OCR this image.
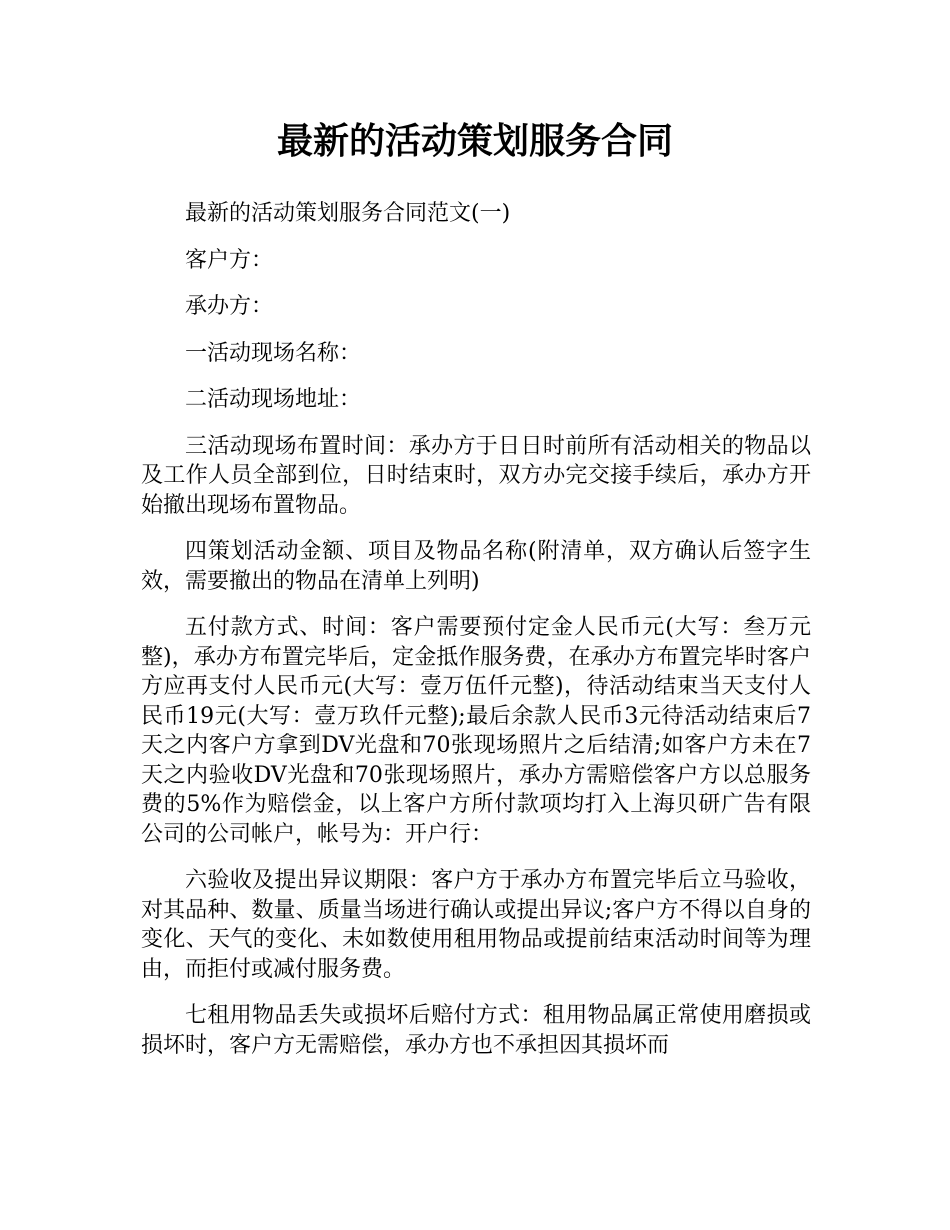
最新的活动策划服务合同

最新的活动策划服务合同范文(一)

客户方：

承办方：

一活动现场名称：

二活动现场地址：

三活动现场布置时间：承办方于日日时前所有活动相关的物品以及工作人员全部到位，日时结束时，双方办完交接手续后，承办方开始撤出现场布置物品。

四策划活动金额、项目及物品名称(附清单，双方确认后签字生效，需要撤出的物品在清单上列明)

五付款方式、时间：客户需要预付定金人民币元(大写：叁万元整)，承办方布置完毕后，定金抵作服务费，在承办方布置完毕时客户方应再支付人民币元(大写：壹万伍仟元整)，待活动结束当天支付人民币19元(大写：壹万玖仟元整);最后余款人民币3元待活动结束后7天之内客户方拿到DV光盘和70张现场照片之后结清;如客户方未在7天之内验收DV光盘和70张现场照片，承办方需赔偿客户方以总服务费的5%作为赔偿金，以上客户方所付款项均打入上海贝研广告有限公司的公司帐户，帐号为：开户行：

六验收及提出异议期限：客户方于承办方布置完毕后立马验收，对其品种、数量、质量当场进行确认或提出异议;客户方不得以自身的变化、天气的变化、未如数使用租用物品或提前结束活动时间等为理由，而拒付或减付服务费。

七租用物品丢失或损坏后赔付方式：租用物品属正常使用磨损或损坏时，客户方无需赔偿，承办方也不承担因其损坏而
